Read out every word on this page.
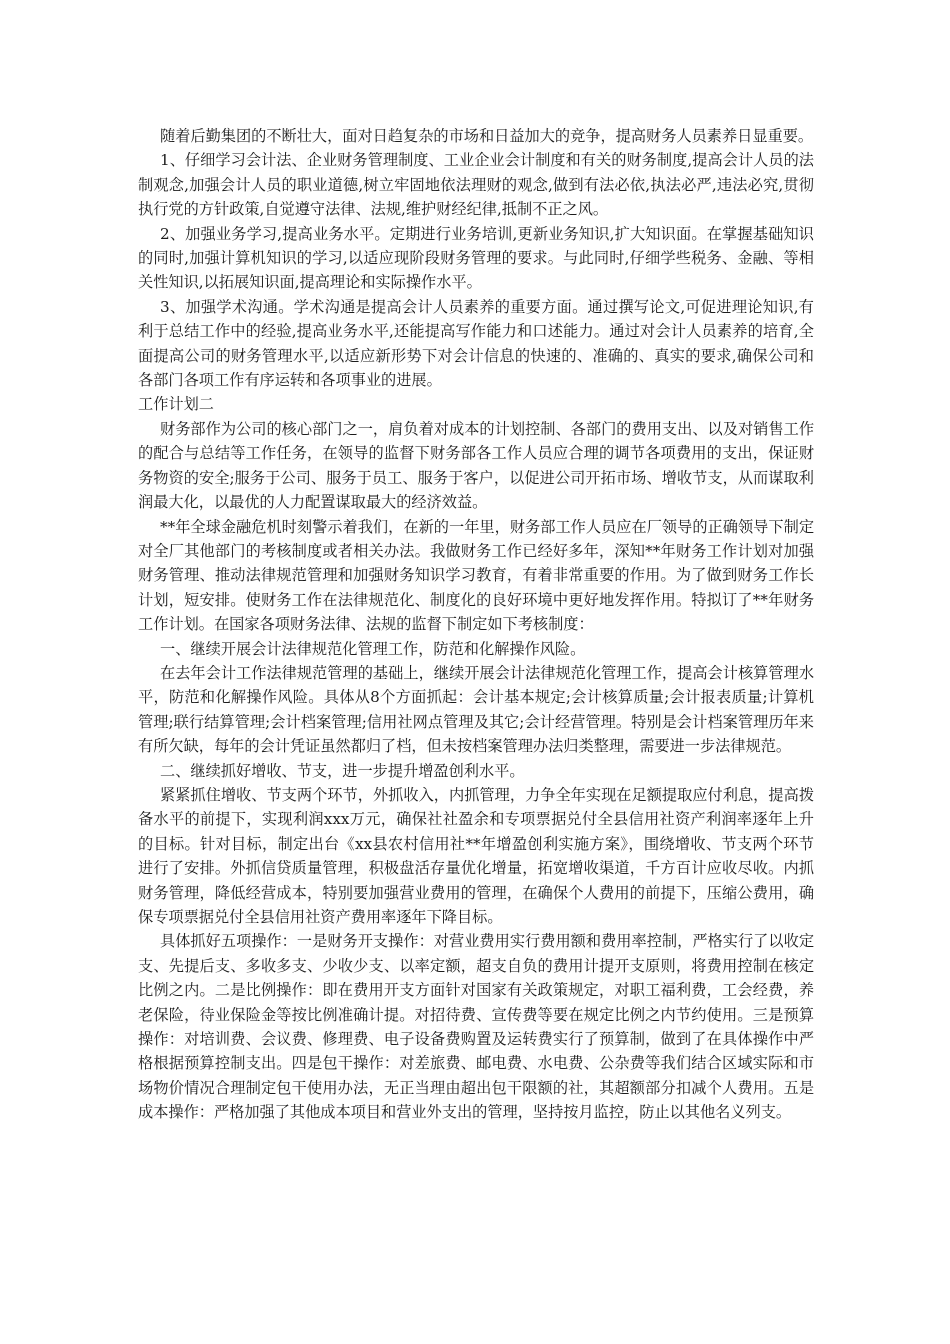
随着后勤集团的不断壮大，面对日趋复杂的市场和日益加大的竞争，提高财务人员素养日显重要。

1、仔细学习会计法、企业财务管理制度、工业企业会计制度和有关的财务制度,提高会计人员的法制观念,加强会计人员的职业道德,树立牢固地依法理财的观念,做到有法必依,执法必严,违法必究,贯彻执行党的方针政策,自觉遵守法律、法规,维护财经纪律,抵制不正之风。

2、加强业务学习,提高业务水平。定期进行业务培训,更新业务知识,扩大知识面。在掌握基础知识的同时,加强计算机知识的学习,以适应现阶段财务管理的要求。与此同时,仔细学些税务、金融、等相关性知识,以拓展知识面,提高理论和实际操作水平。

3、加强学术沟通。学术沟通是提高会计人员素养的重要方面。通过撰写论文,可促进理论知识,有利于总结工作中的经验,提高业务水平,还能提高写作能力和口述能力。通过对会计人员素养的培育,全面提高公司的财务管理水平,以适应新形势下对会计信息的快速的、准确的、真实的要求,确保公司和各部门各项工作有序运转和各项事业的进展。

工作计划二

财务部作为公司的核心部门之一，肩负着对成本的计划控制、各部门的费用支出、以及对销售工作的配合与总结等工作任务，在领导的监督下财务部各工作人员应合理的调节各项费用的支出，保证财务物资的安全;服务于公司、服务于员工、服务于客户，以促进公司开拓市场、增收节支，从而谋取利润最大化，以最优的人力配置谋取最大的经济效益。

**年全球金融危机时刻警示着我们，在新的一年里，财务部工作人员应在厂领导的正确领导下制定对全厂其他部门的考核制度或者相关办法。我做财务工作已经好多年，深知**年财务工作计划对加强财务管理、推动法律规范管理和加强财务知识学习教育，有着非常重要的作用。为了做到财务工作长计划，短安排。使财务工作在法律规范化、制度化的良好环境中更好地发挥作用。特拟订了**年财务工作计划。在国家各项财务法律、法规的监督下制定如下考核制度：

一、继续开展会计法律规范化管理工作，防范和化解操作风险。

在去年会计工作法律规范管理的基础上，继续开展会计法律规范化管理工作，提高会计核算管理水平，防范和化解操作风险。具体从8个方面抓起：会计基本规定;会计核算质量;会计报表质量;计算机管理;联行结算管理;会计档案管理;信用社网点管理及其它;会计经营管理。特别是会计档案管理历年来有所欠缺，每年的会计凭证虽然都归了档，但未按档案管理办法归类整理，需要进一步法律规范。

二、继续抓好增收、节支，进一步提升增盈创利水平。

紧紧抓住增收、节支两个环节，外抓收入，内抓管理，力争全年实现在足额提取应付利息，提高拨备水平的前提下，实现利润xxx万元，确保社社盈余和专项票据兑付全县信用社资产利润率逐年上升的目标。针对目标，制定出台《xx县农村信用社**年增盈创利实施方案》，围绕增收、节支两个环节进行了安排。外抓信贷质量管理，积极盘活存量优化增量，拓宽增收渠道，千方百计应收尽收。内抓财务管理，降低经营成本，特别要加强营业费用的管理，在确保个人费用的前提下，压缩公费用，确保专项票据兑付全县信用社资产费用率逐年下降目标。

具体抓好五项操作：一是财务开支操作：对营业费用实行费用额和费用率控制，严格实行了以收定支、先提后支、多收多支、少收少支、以率定额，超支自负的费用计提开支原则，将费用控制在核定比例之内。二是比例操作：即在费用开支方面针对国家有关政策规定，对职工福利费，工会经费，养老保险，待业保险金等按比例准确计提。对招待费、宣传费等要在规定比例之内节约使用。三是预算操作：对培训费、会议费、修理费、电子设备费购置及运转费实行了预算制，做到了在具体操作中严格根据预算控制支出。四是包干操作：对差旅费、邮电费、水电费、公杂费等我们结合区域实际和市场物价情况合理制定包干使用办法，无正当理由超出包干限额的社，其超额部分扣减个人费用。五是成本操作：严格加强了其他成本项目和营业外支出的管理，坚持按月监控，防止以其他名义列支。
